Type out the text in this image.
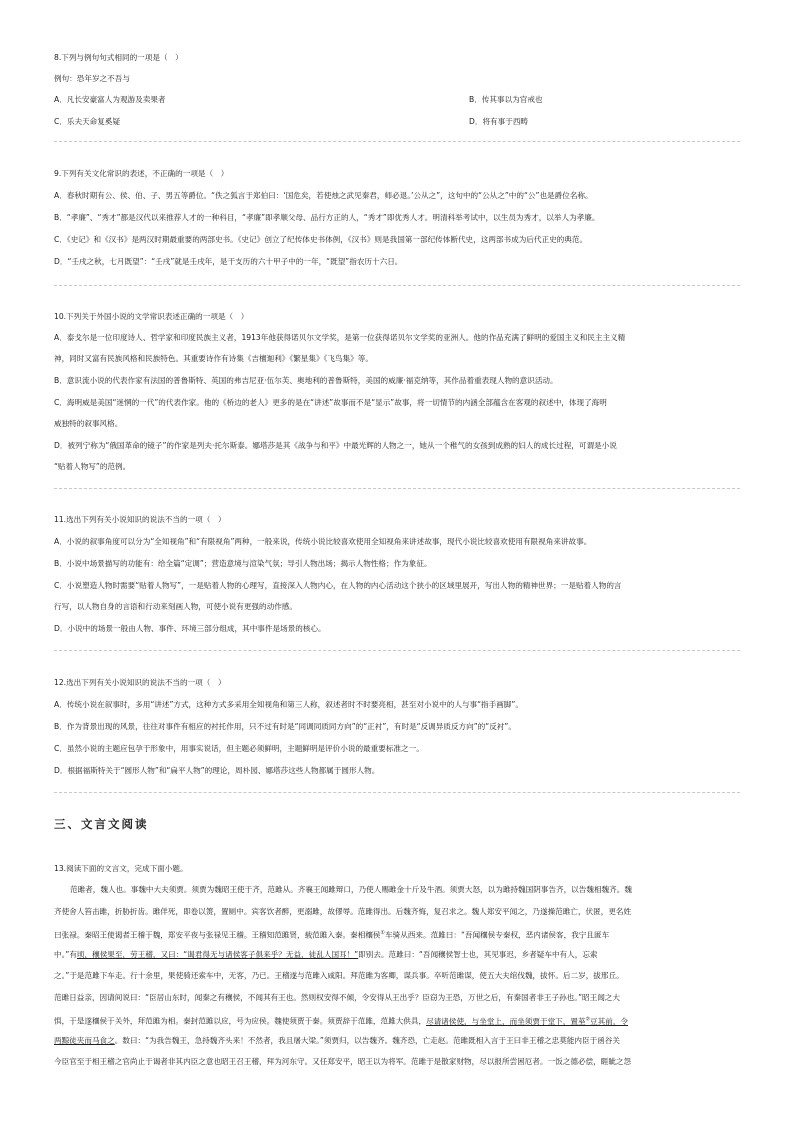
8.下列与例句句式相同的一项是（　）
例句：恐年岁之不吾与
A．凡长安豪富人为观游及卖果者	B．传其事以为官戒也
C．乐夫天命复奚疑	D．将有事于西畴
9.下列有关文化常识的表述，不正确的一项是（　）
A．春秋时期有公、侯、伯、子、男五等爵位。“佚之狐言于郑伯曰：‘国危矣，若使烛之武见秦君，师必退。’公从之”，这句中的“公从之”中的“公”也是爵位名称。
B．“孝廉”、“秀才”都是汉代以来推荐人才的一种科目，“孝廉”即孝顺父母、品行方正的人，“秀才”即优秀人才。明清科举考试中，以生员为秀才，以举人为孝廉。
C．《史记》和《汉书》是两汉时期最重要的两部史书。《史记》创立了纪传体史书体例，《汉书》则是我国第一部纪传体断代史，这两部书成为后代正史的典范。
D．“壬戌之秋，七月既望”：“壬戌”就是壬戌年，是干支历的六十甲子中的一年，“既望”指农历十六日。
10.下列关于外国小说的文学常识表述正确的一项是（　）
A．泰戈尔是一位印度诗人、哲学家和印度民族主义者，1913年他获得诺贝尔文学奖，是第一位获得诺贝尔文学奖的亚洲人。他的作品充满了鲜明的爱国主义和民主主义精
神，同时又富有民族风格和民族特色。其重要诗作有诗集《吉檀迦利》《繁星集》《飞鸟集》等。
B．意识流小说的代表作家有法国的普鲁斯特、英国的弗吉尼亚·伍尔芙、奥地利的普鲁斯特，美国的威廉·福克纳等，其作品着重表现人物的意识活动。
C．海明威是美国“迷惘的一代”的代表作家。他的《桥边的老人》更多的是在“讲述”故事而不是“显示”故事，将一切情节的内涵全部蕴含在客观的叙述中，体现了海明
威独特的叙事风格。
D．被列宁称为“俄国革命的镜子”的作家是列夫·托尔斯泰。娜塔莎是其《战争与和平》中最光辉的人物之一，她从一个稚气的女孩到成熟的妇人的成长过程，可谓是小说
“贴着人物写”的范例。
11.选出下列有关小说知识的说法不当的一项（　）
A．小说的叙事角度可以分为“全知视角”和“有限视角”两种，一般来说，传统小说比较喜欢使用全知视角来讲述故事，现代小说比较喜欢使用有限视角来讲故事。
B．小说中场景描写的功能有：给全篇“定调”；营造意境与渲染气氛；导引人物出场；揭示人物性格；作为象征。
C．小说塑造人物时需要“贴着人物写”，一是贴着人物的心理写，直接深入人物内心，在人物的内心活动这个狭小的区域里展开，写出人物的精神世界；一是贴着人物的言
行写，以人物自身的言语和行动来刻画人物，可使小说有更强的动作感。
D．小说中的场景一般由人物、事件、环境三部分组成，其中事件是场景的核心。
12.选出下列有关小说知识的说法不当的一项（　）
A．传统小说在叙事时，多用“讲述”方式，这种方式多采用全知视角和第三人称，叙述者时不时要亮相，甚至对小说中的人与事“指手画脚”。
B．作为背景出现的风景，往往对事件有相应的衬托作用，只不过有时是“同调同质同方向”的“正衬”，有时是“反调异质反方向”的“反衬”。
C．虽然小说的主题应包孕于形象中，用事实说话，但主题必须鲜明，主题鲜明是评价小说的最重要标准之一。
D．根据福斯特关于“圆形人物”和“扁平人物”的理论，周朴园、娜塔莎这些人物都属于圆形人物。
三、文言文阅读
13.阅读下面的文言文，完成下面小题。
范雎者，魏人也。事魏中大夫须贾。须贾为魏昭王使于齐，范雎从。齐襄王闻雎辩口，乃使人赐雎金十斤及牛酒。须贾大怒，以为雎持魏国阴事告齐，以告魏相魏齐。魏
齐使舍人笞击雎，折胁折齿。雎佯死，即卷以箦，置厕中。宾客饮者醉，更溺雎，故僇辱。范雎得出。后魏齐悔，复召求之。魏人郑安平闻之，乃遂操范雎亡，伏匿，更名姓
曰张禄。秦昭王使谒者王稽于魏，郑安平夜与张禄见王稽。王稽知范雎贤，载范雎入秦。秦相穰侯①车骑从西来。范雎曰：“吾闻穰侯专秦权，恶内诸侯客，我宁且匿车
中。”有顷，穰侯果至，劳王稽，又曰：“谒君得无与诸侯客子俱来乎？无益，徒乱人国耳！”即别去。范雎曰：“吾闻穰侯智士也，其见事迟，乡者疑车中有人，忘索
之。”于是范雎下车走。行十余里，果使骑还索车中，无客，乃已。王稽遂与范雎入咸阳。拜范雎为客卿，谋兵事。卒听范雎谋，使五大夫绾伐魏，拔怀。后二岁，拔邢丘。
范雎日益亲，因请间说曰：“臣居山东时，闻秦之有穰侯，不闻其有王也。然则权安得不倾，令安得从王出乎？臣窃为王恐，万世之后，有秦国者非王子孙也。”昭王闻之大
惧，于是遂穰侯于关外，拜范雎为相。秦封范雎以应，号为应侯。魏使须贾于秦。须贾辞于范雎，范雎大供具，尽请诸侯使，与坐堂上，而坐须贾于堂下，置莝②豆其前，令
两黥徒夹而马食之。数曰：“为我告魏王，急持魏齐头来！不然者，我且屠大梁。”须贾归，以告魏齐。魏齐恐，亡走赵。范雎既相入言于王曰非王稽之忠莫能内臣于函谷关
今臣官至于相王稽之官尚止于谒者非其内臣之意也昭王召王稽，拜为河东守。又任郑安平，昭王以为将军。范雎于是散家财物，尽以报所尝困厄者。一饭之德必偿，睚眦之怨
